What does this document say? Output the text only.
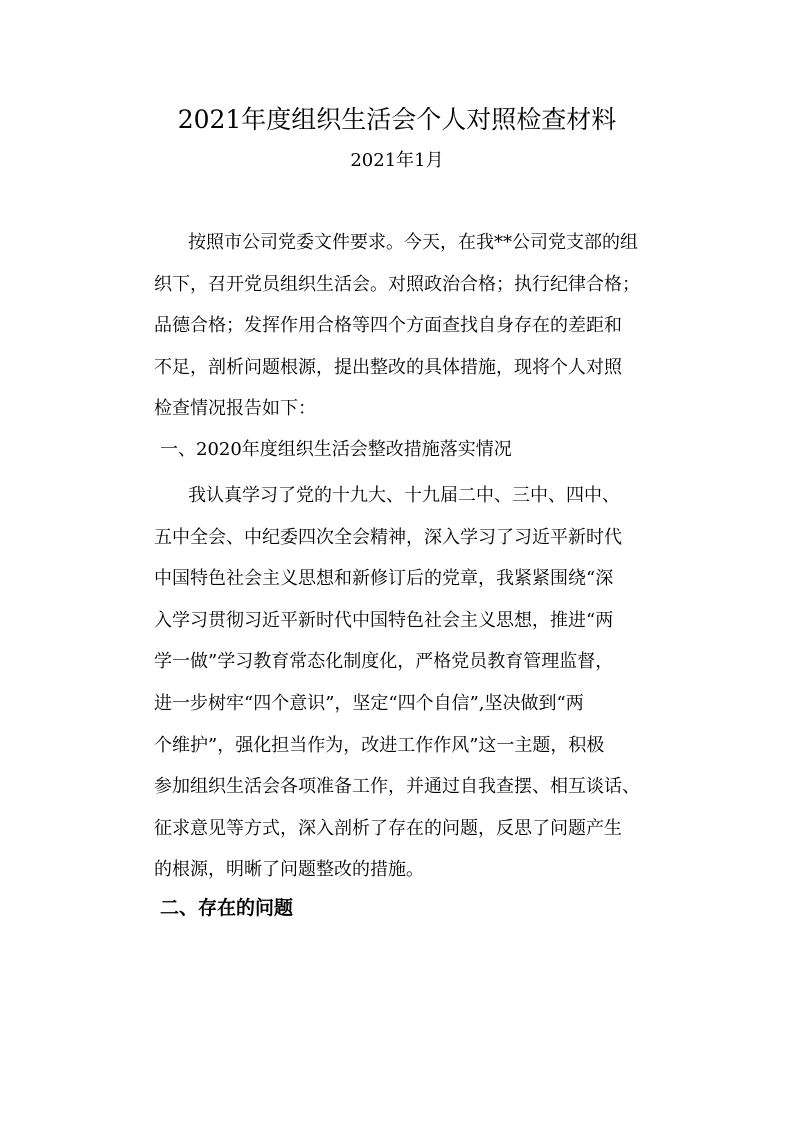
2021年度组织生活会个人对照检查材料
2021年1月
按照市公司党委文件要求。今天，在我**公司党支部的组
织下，召开党员组织生活会。对照政治合格；执行纪律合格；
品德合格；发挥作用合格等四个方面查找自身存在的差距和
不足，剖析问题根源，提出整改的具体措施，现将个人对照
检查情况报告如下：
一、2020年度组织生活会整改措施落实情况
我认真学习了党的十九大、十九届二中、三中、四中、
五中全会、中纪委四次全会精神，深入学习了习近平新时代
中国特色社会主义思想和新修订后的党章，我紧紧围绕“深
入学习贯彻习近平新时代中国特色社会主义思想，推进“两
学一做”学习教育常态化制度化，严格党员教育管理监督，
进一步树牢“四个意识”，坚定“四个自信”,坚决做到“两
个维护”，强化担当作为，改进工作作风”这一主题，积极
参加组织生活会各项准备工作，并通过自我查摆、相互谈话、
征求意见等方式，深入剖析了存在的问题，反思了问题产生
的根源，明晰了问题整改的措施。
二、存在的问题
